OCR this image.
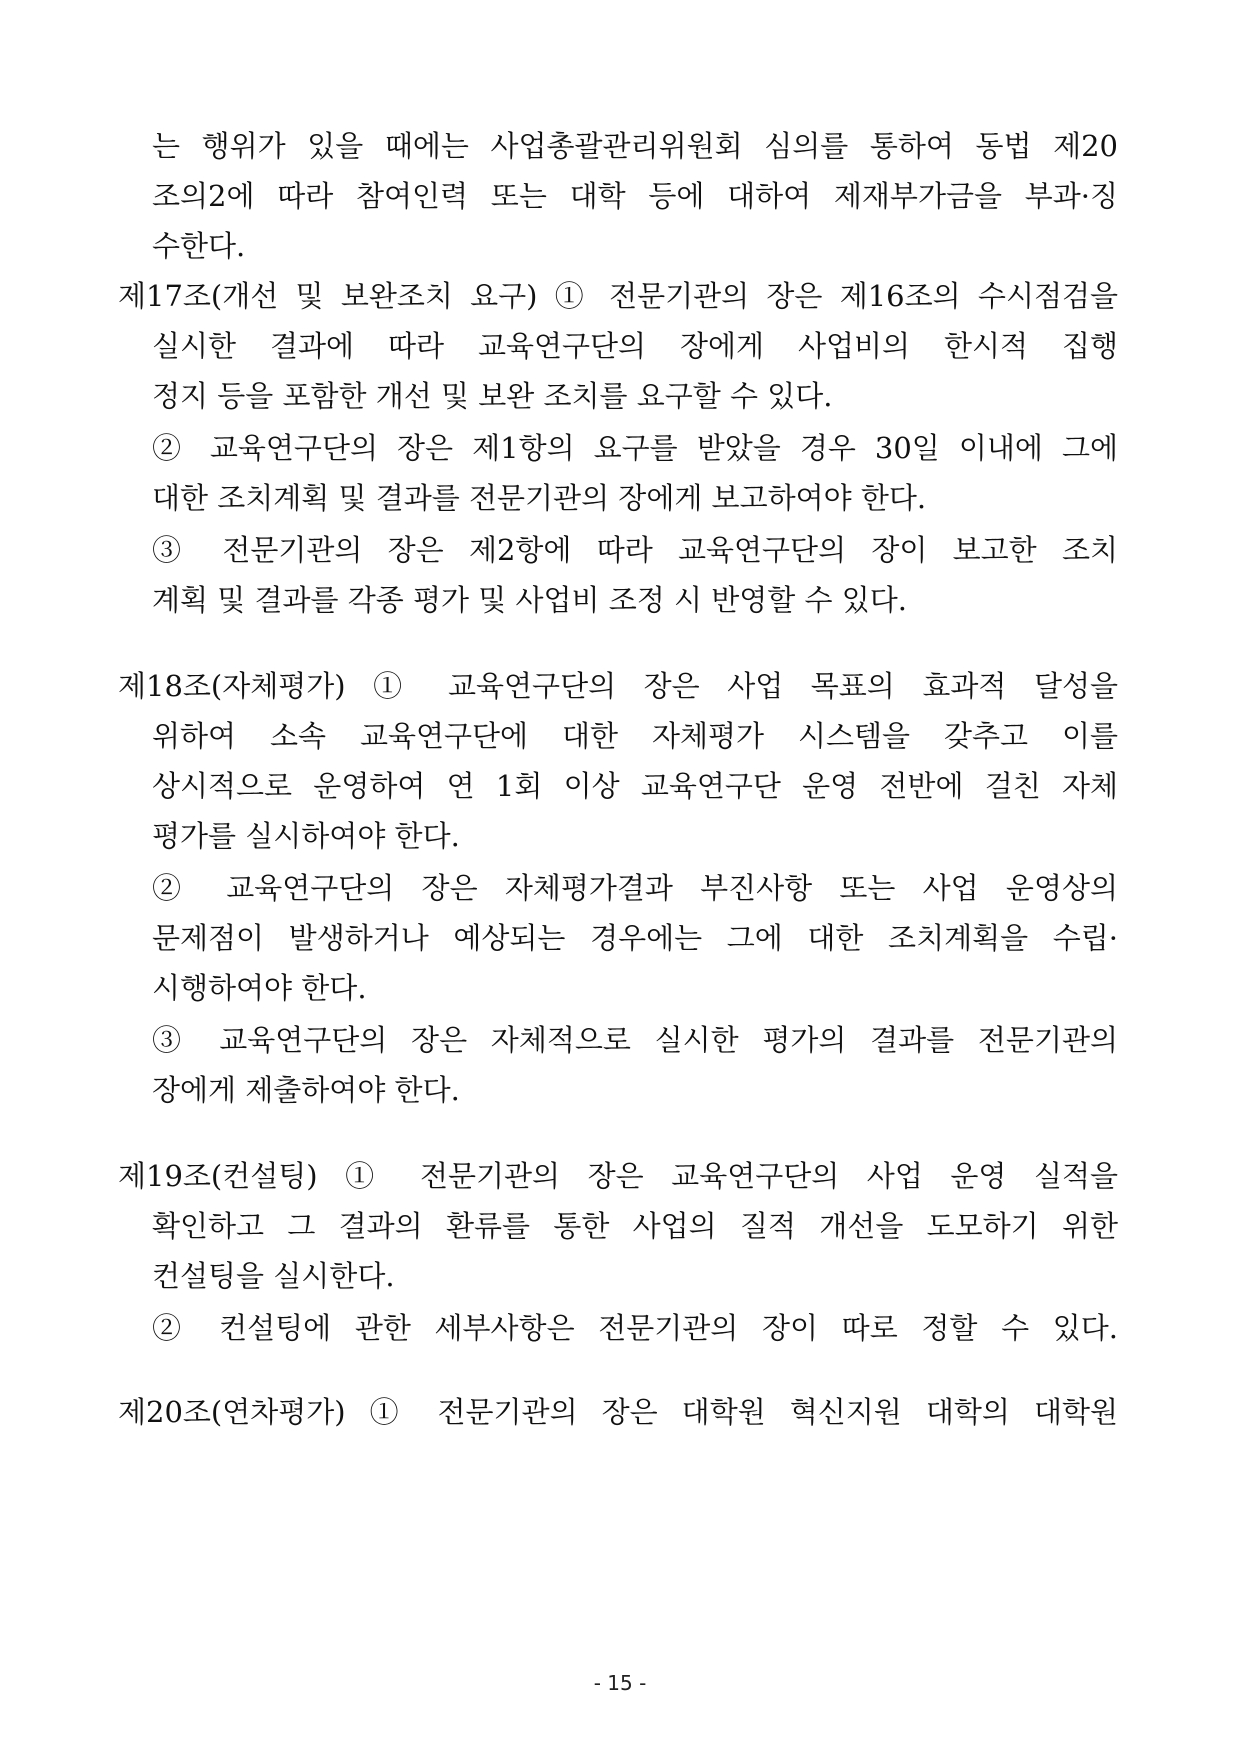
는 행위가 있을 때에는 사업총괄관리위원회 심의를 통하여 동법 제20
조의2에 따라 참여인력 또는 대학 등에 대하여 제재부가금을 부과·징
수한다.
제17조(개선 및 보완조치 요구) ① 전문기관의 장은 제16조의 수시점검을
실시한 결과에 따라 교육연구단의 장에게 사업비의 한시적 집행
정지 등을 포함한 개선 및 보완 조치를 요구할 수 있다.
② 교육연구단의 장은 제1항의 요구를 받았을 경우 30일 이내에 그에
대한 조치계획 및 결과를 전문기관의 장에게 보고하여야 한다.
③ 전문기관의 장은 제2항에 따라 교육연구단의 장이 보고한 조치
계획 및 결과를 각종 평가 및 사업비 조정 시 반영할 수 있다.
제18조(자체평가) ① 교육연구단의 장은 사업 목표의 효과적 달성을
위하여 소속 교육연구단에 대한 자체평가 시스템을 갖추고 이를
상시적으로 운영하여 연 1회 이상 교육연구단 운영 전반에 걸친 자체
평가를 실시하여야 한다.
② 교육연구단의 장은 자체평가결과 부진사항 또는 사업 운영상의
문제점이 발생하거나 예상되는 경우에는 그에 대한 조치계획을 수립·
시행하여야 한다.
③ 교육연구단의 장은 자체적으로 실시한 평가의 결과를 전문기관의
장에게 제출하여야 한다.
제19조(컨설팅) ① 전문기관의 장은 교육연구단의 사업 운영 실적을
확인하고 그 결과의 환류를 통한 사업의 질적 개선을 도모하기 위한
컨설팅을 실시한다.
② 컨설팅에 관한 세부사항은 전문기관의 장이 따로 정할 수 있다.
제20조(연차평가) ① 전문기관의 장은 대학원 혁신지원 대학의 대학원
- 15 -
